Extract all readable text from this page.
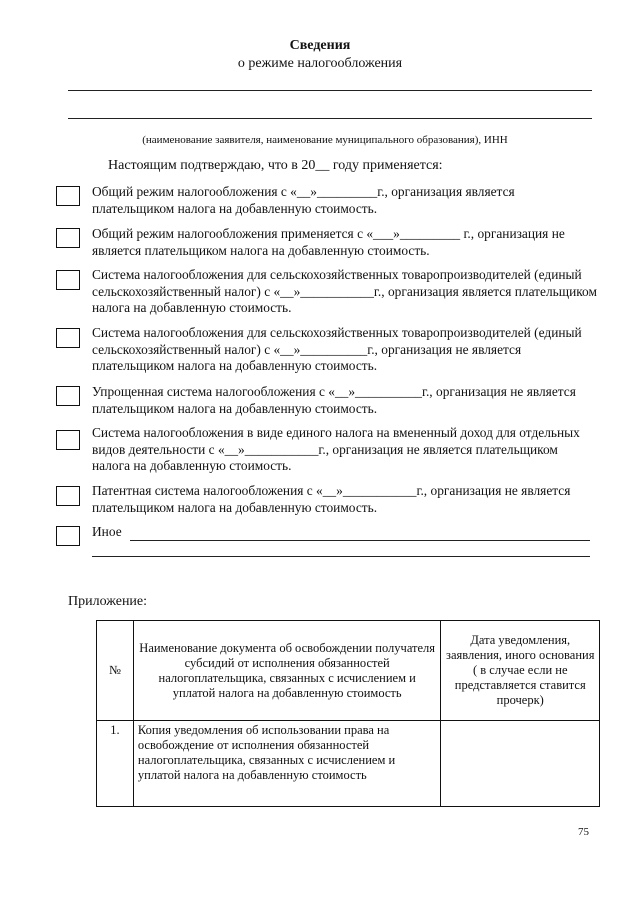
Сведения
о режиме налогообложения
(наименование заявителя, наименование муниципального образования), ИНН
Настоящим подтверждаю, что в 20__ году применяется:
Общий режим налогообложения с «__»_________г., организация является плательщиком налога на добавленную стоимость.
Общий режим налогообложения применяется с «___»_________ г., организация не является плательщиком налога на добавленную стоимость.
Система налогообложения для сельскохозяйственных товаропроизводителей (единый сельскохозяйственный налог) с «__»___________г., организация является плательщиком налога на добавленную стоимость.
Система налогообложения для сельскохозяйственных товаропроизводителей (единый сельскохозяйственный налог) с «__»__________г., организация не является плательщиком налога на добавленную стоимость.
Упрощенная система налогообложения с «__»__________г., организация не является плательщиком налога на добавленную стоимость.
Система налогообложения в виде единого налога на вмененный доход для отдельных видов деятельности с «__»___________г., организация не является плательщиком налога на добавленную стоимость.
Патентная система налогообложения с «__»___________г., организация не является плательщиком налога на добавленную стоимость.
Иное
Приложение:
№	Наименование документа об освобождении получателя субсидий от исполнения обязанностей налогоплательщика, связанных с исчислением и уплатой налога на добавленную стоимость	Дата уведомления, заявления, иного основания ( в случае если не представляется ставится прочерк)
1.	Копия уведомления об использовании права на освобождение от исполнения обязанностей налогоплательщика, связанных с исчислением и уплатой налога на добавленную стоимость	
75
